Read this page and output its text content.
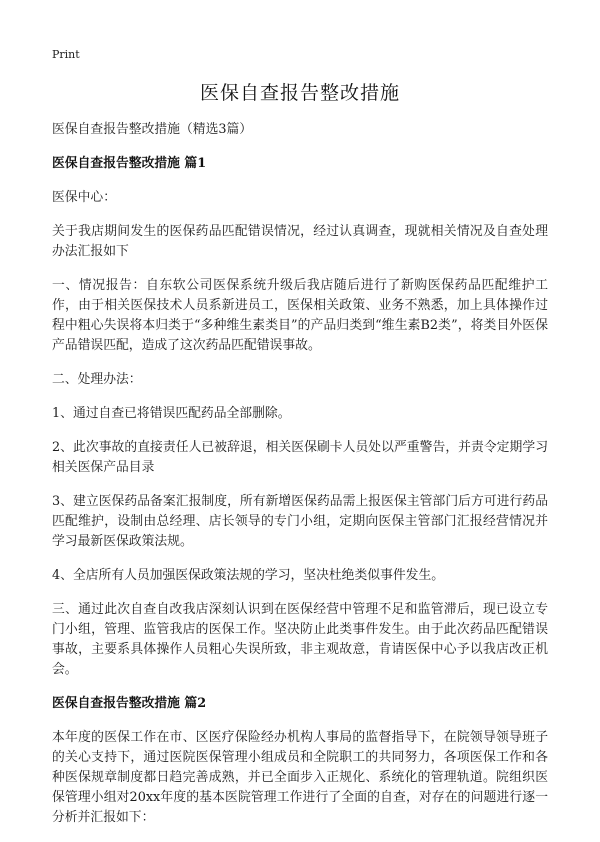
Print
医保自查报告整改措施

医保自查报告整改措施（精选3篇）

医保自查报告整改措施 篇1

医保中心：

关于我店期间发生的医保药品匹配错误情况，经过认真调查，现就相关情况及自查处理办法汇报如下

一、情况报告：自东软公司医保系统升级后我店随后进行了新购医保药品匹配维护工作，由于相关医保技术人员系新进员工，医保相关政策、业务不熟悉，加上具体操作过程中粗心失误将本归类于“多种维生素类目”的产品归类到“维生素B2类”，将类目外医保产品错误匹配，造成了这次药品匹配错误事故。

二、处理办法：

1、通过自查已将错误匹配药品全部删除。

2、此次事故的直接责任人已被辞退，相关医保刷卡人员处以严重警告，并责令定期学习相关医保产品目录

3、建立医保药品备案汇报制度，所有新增医保药品需上报医保主管部门后方可进行药品匹配维护，设制由总经理、店长领导的专门小组，定期向医保主管部门汇报经营情况并学习最新医保政策法规。

4、全店所有人员加强医保政策法规的学习，坚决杜绝类似事件发生。

三、通过此次自查自改我店深刻认识到在医保经营中管理不足和监管滞后，现已设立专门小组，管理、监管我店的医保工作。坚决防止此类事件发生。由于此次药品匹配错误事故，主要系具体操作人员粗心失误所致，非主观故意，肯请医保中心予以我店改正机会。

医保自查报告整改措施 篇2

本年度的医保工作在市、区医疗保险经办机构人事局的监督指导下，在院领导领导班子的关心支持下，通过医院医保管理小组成员和全院职工的共同努力，各项医保工作和各种医保规章制度都日趋完善成熟，并已全面步入正规化、系统化的管理轨道。院组织医保管理小组对20xx年度的基本医院管理工作进行了全面的自查，对存在的问题进行逐一分析并汇报如下：
